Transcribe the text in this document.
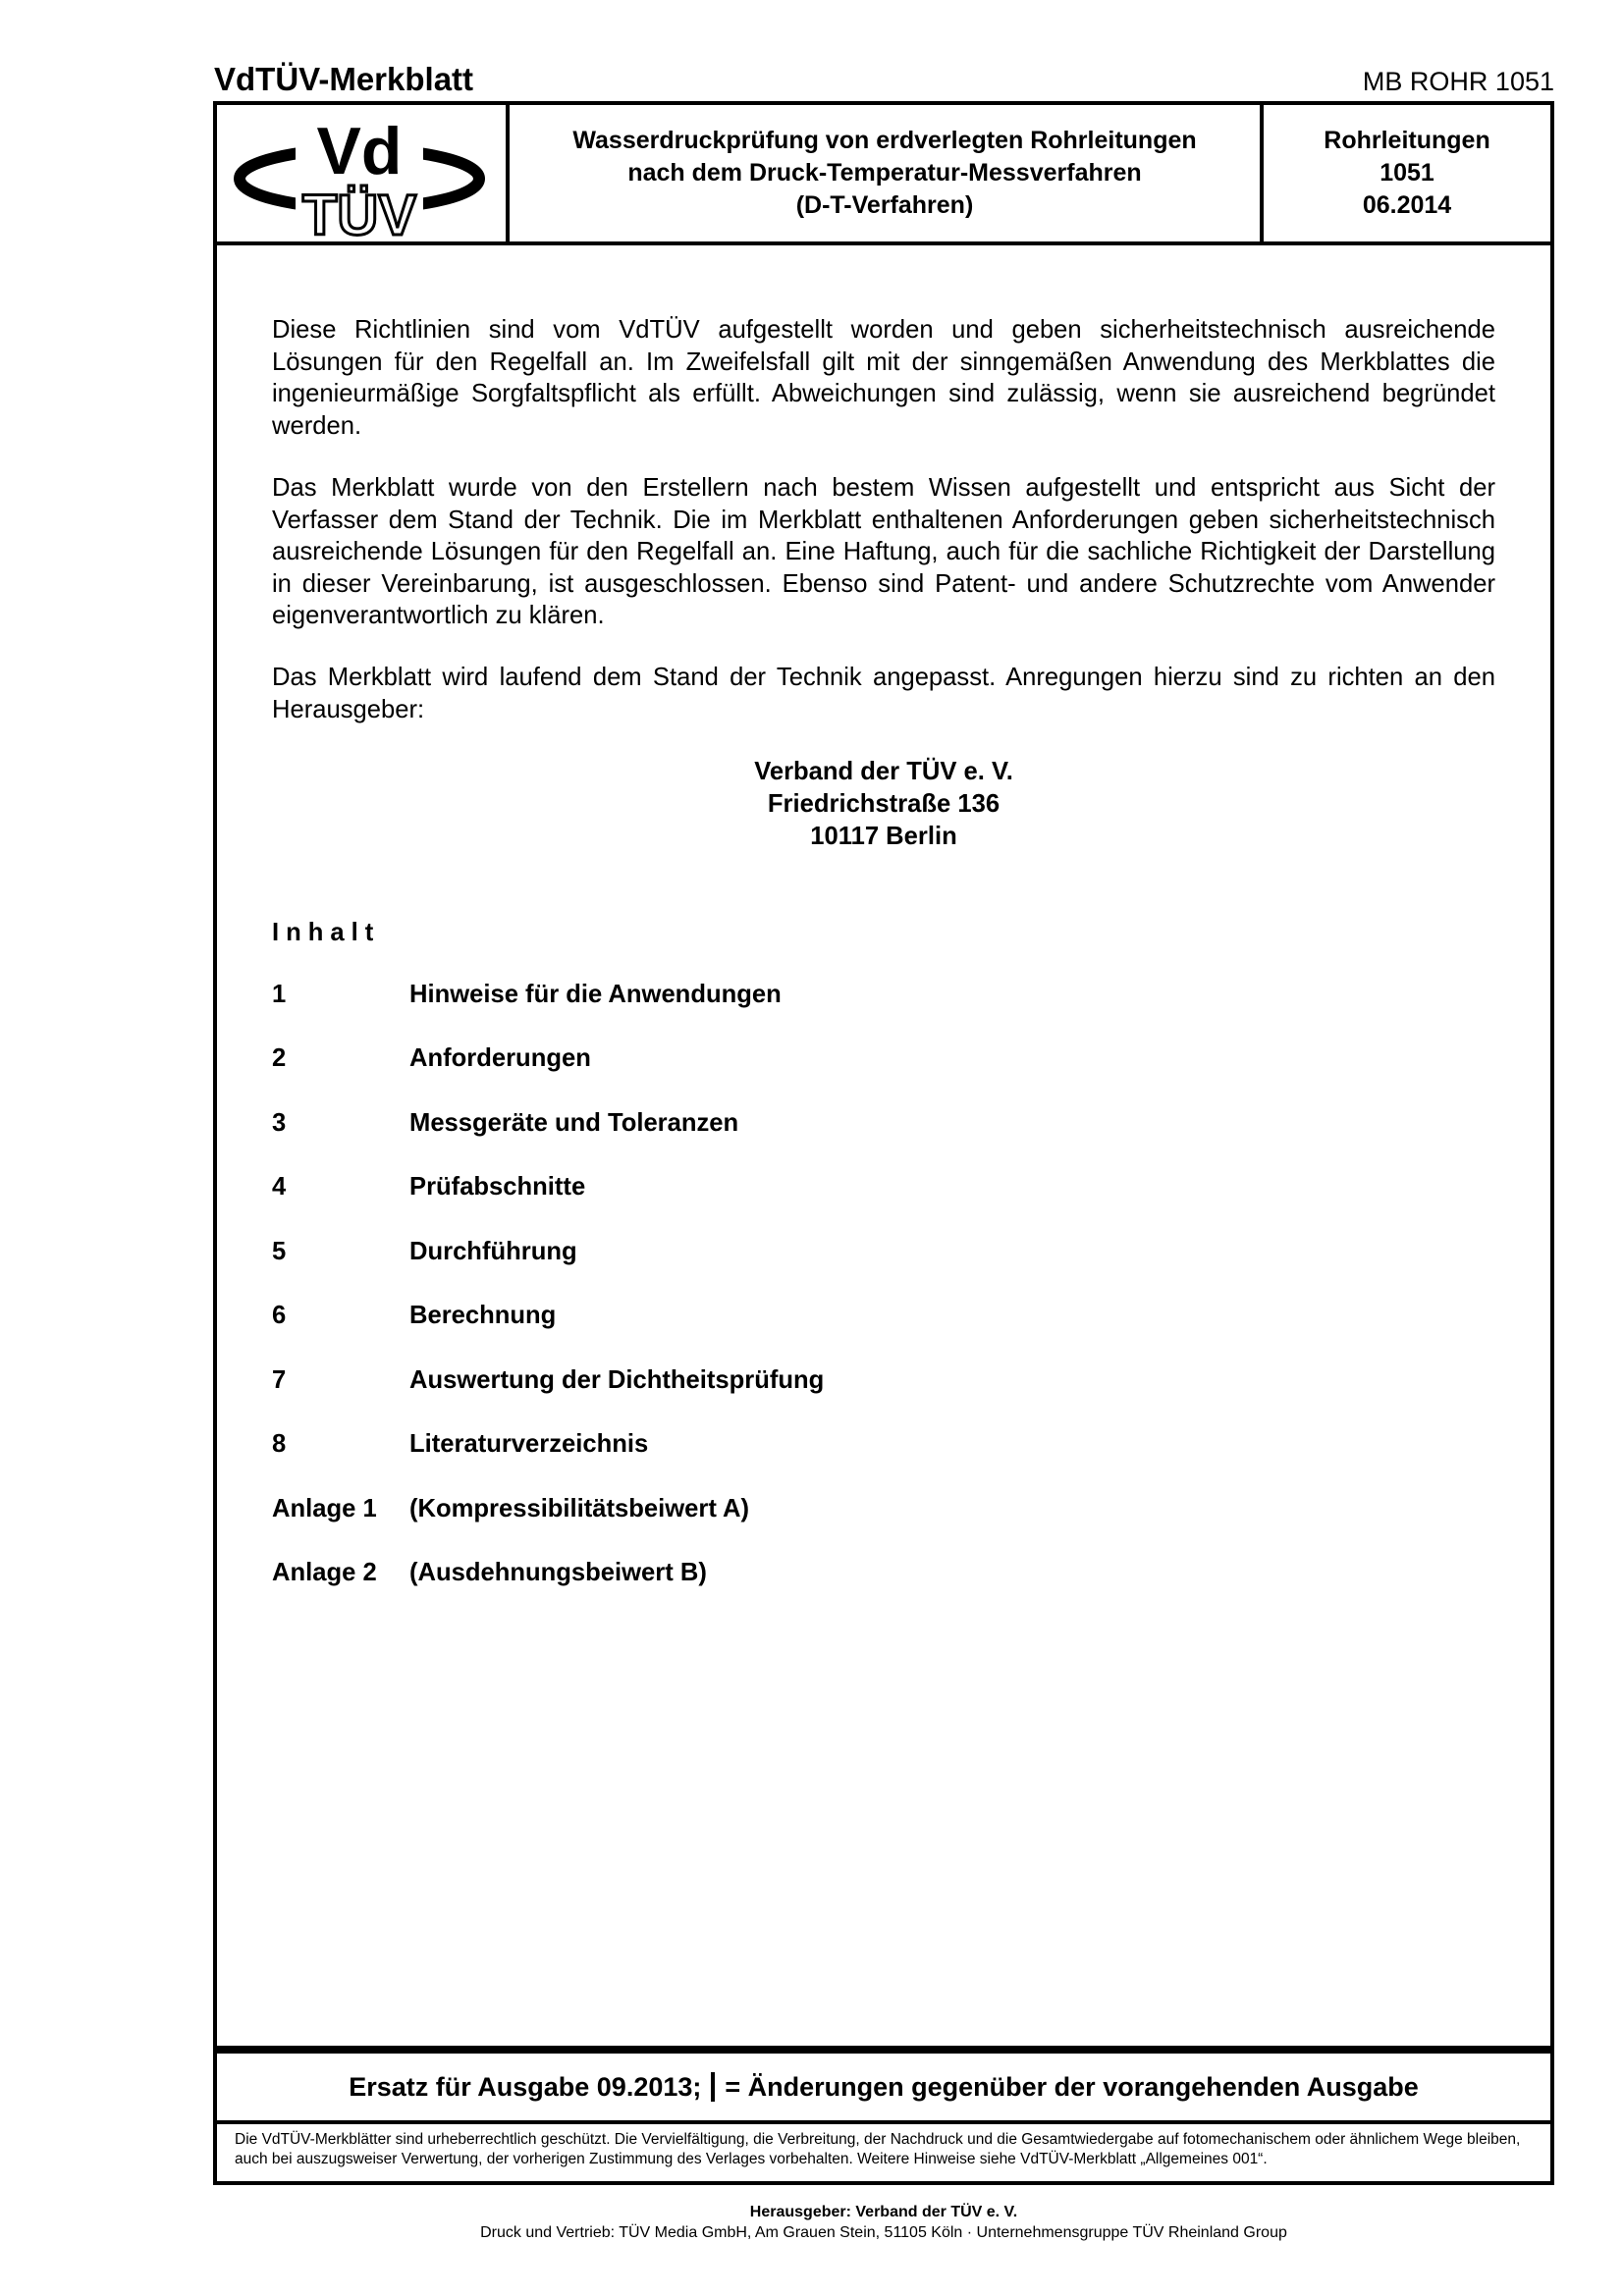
VdTÜV-Merkblatt	MB ROHR 1051
Vd
TÜV
Wasserdruckprüfung von erdverlegten Rohrleitungen
nach dem Druck-Temperatur-Messverfahren
(D-T-Verfahren)
Rohrleitungen
1051
06.2014
Diese Richtlinien sind vom VdTÜV aufgestellt worden und geben sicherheitstechnisch ausreichende Lösungen für den Regelfall an. Im Zweifelsfall gilt mit der sinngemäßen Anwendung des Merkblattes die ingenieurmäßige Sorgfaltspflicht als erfüllt. Abweichungen sind zulässig, wenn sie ausreichend begründet werden.
Das Merkblatt wurde von den Erstellern nach bestem Wissen aufgestellt und entspricht aus Sicht der Verfasser dem Stand der Technik. Die im Merkblatt enthaltenen Anforderungen geben sicherheitstechnisch ausreichende Lösungen für den Regelfall an. Eine Haftung, auch für die sachliche Richtigkeit der Darstellung in dieser Vereinbarung, ist ausgeschlossen. Ebenso sind Patent- und andere Schutzrechte vom Anwender eigenverantwortlich zu klären.
Das Merkblatt wird laufend dem Stand der Technik angepasst. Anregungen hierzu sind zu richten an den Herausgeber:
Verband der TÜV e. V.
Friedrichstraße 136
10117 Berlin
Inhalt
1	Hinweise für die Anwendungen
2	Anforderungen
3	Messgeräte und Toleranzen
4	Prüfabschnitte
5	Durchführung
6	Berechnung
7	Auswertung der Dichtheitsprüfung
8	Literaturverzeichnis
Anlage 1 (Kompressibilitätsbeiwert A)
Anlage 2 (Ausdehnungsbeiwert B)
Ersatz für Ausgabe 09.2013; = Änderungen gegenüber der vorangehenden Ausgabe
Die VdTÜV-Merkblätter sind urheberrechtlich geschützt. Die Vervielfältigung, die Verbreitung, der Nachdruck und die Gesamtwiedergabe auf fotomechanischem oder ähnlichem Wege bleiben, auch bei auszugsweiser Verwertung, der vorherigen Zustimmung des Verlages vorbehalten. Weitere Hinweise siehe VdTÜV-Merkblatt „Allgemeines 001“.
Herausgeber: Verband der TÜV e. V.
Druck und Vertrieb: TÜV Media GmbH, Am Grauen Stein, 51105 Köln · Unternehmensgruppe TÜV Rheinland Group
